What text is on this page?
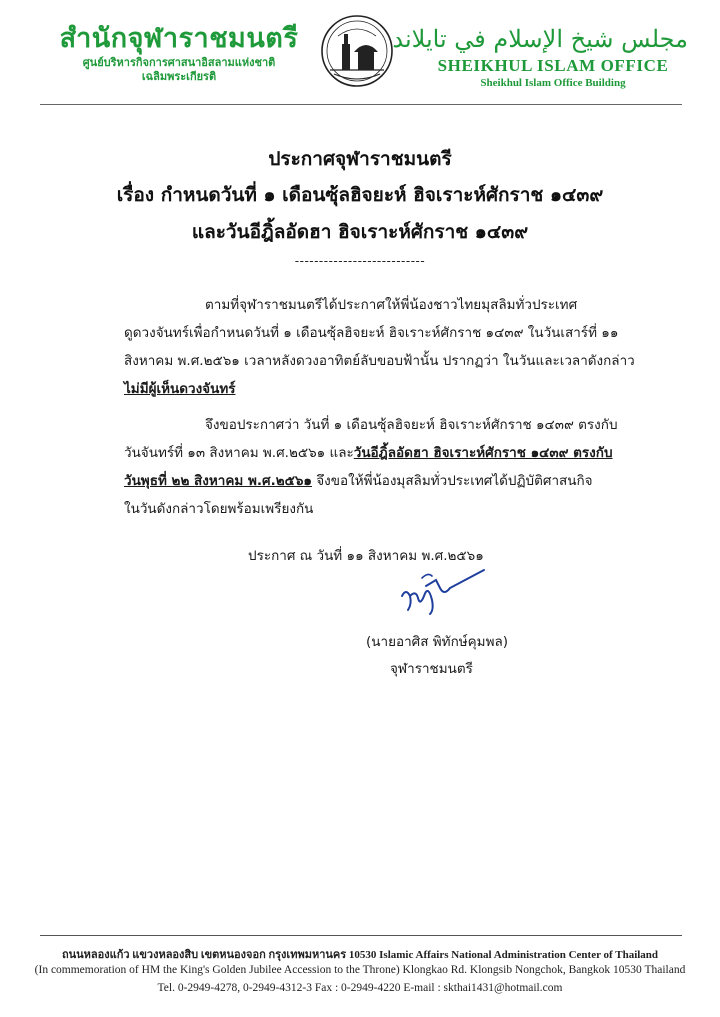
สำนักจุฬาราชมนตรี
ศูนย์บริหารกิจการศาสนาอิสลามแห่งชาติ
เฉลิมพระเกียรติ
مجلس شيخ الإسلام في تايلاند
SHEIKHUL ISLAM OFFICE
Sheikhul Islam Office Building
ประกาศจุฬาราชมนตรี
เรื่อง กำหนดวันที่ ๑ เดือนซุ้ลฮิจยะห์ ฮิจเราะห์ศักราช ๑๔๓๙
และวันอีฎิ้ลอัดฮา ฮิจเราะห์ศักราช ๑๔๓๙
---------------------------
ตามที่จุฬาราชมนตรีได้ประกาศให้พี่น้องชาวไทยมุสลิมทั่วประเทศ
ดูดวงจันทร์เพื่อกำหนดวันที่ ๑ เดือนซุ้ลฮิจยะห์ ฮิจเราะห์ศักราช ๑๔๓๙ ในวันเสาร์ที่ ๑๑
สิงหาคม พ.ศ.๒๕๖๑ เวลาหลังดวงอาทิตย์ลับขอบฟ้านั้น ปรากฏว่า ในวันและเวลาดังกล่าว
ไม่มีผู้เห็นดวงจันทร์
จึงขอประกาศว่า วันที่ ๑ เดือนซุ้ลฮิจยะห์ ฮิจเราะห์ศักราช ๑๔๓๙ ตรงกับ
วันจันทร์ที่ ๑๓ สิงหาคม พ.ศ.๒๕๖๑ และวันอีฎิ้ลอัดฮา ฮิจเราะห์ศักราช ๑๔๓๙ ตรงกับ
วันพุธที่ ๒๒ สิงหาคม พ.ศ.๒๕๖๑ จึงขอให้พี่น้องมุสลิมทั่วประเทศได้ปฏิบัติศาสนกิจ
ในวันดังกล่าวโดยพร้อมเพรียงกัน
ประกาศ ณ วันที่ ๑๑ สิงหาคม พ.ศ.๒๕๖๑
(นายอาศิส พิทักษ์คุมพล)
จุฬาราชมนตรี
ถนนหลองแก้ว แขวงหลองสิบ เขตหนองจอก กรุงเทพมหานคร 10530 Islamic Affairs National Administration Center of Thailand
(In commemoration of HM the King's Golden Jubilee Accession to the Throne) Klongkao Rd. Klongsib Nongchok, Bangkok 10530 Thailand
Tel. 0-2949-4278, 0-2949-4312-3 Fax : 0-2949-4220 E-mail : skthai1431@hotmail.com
